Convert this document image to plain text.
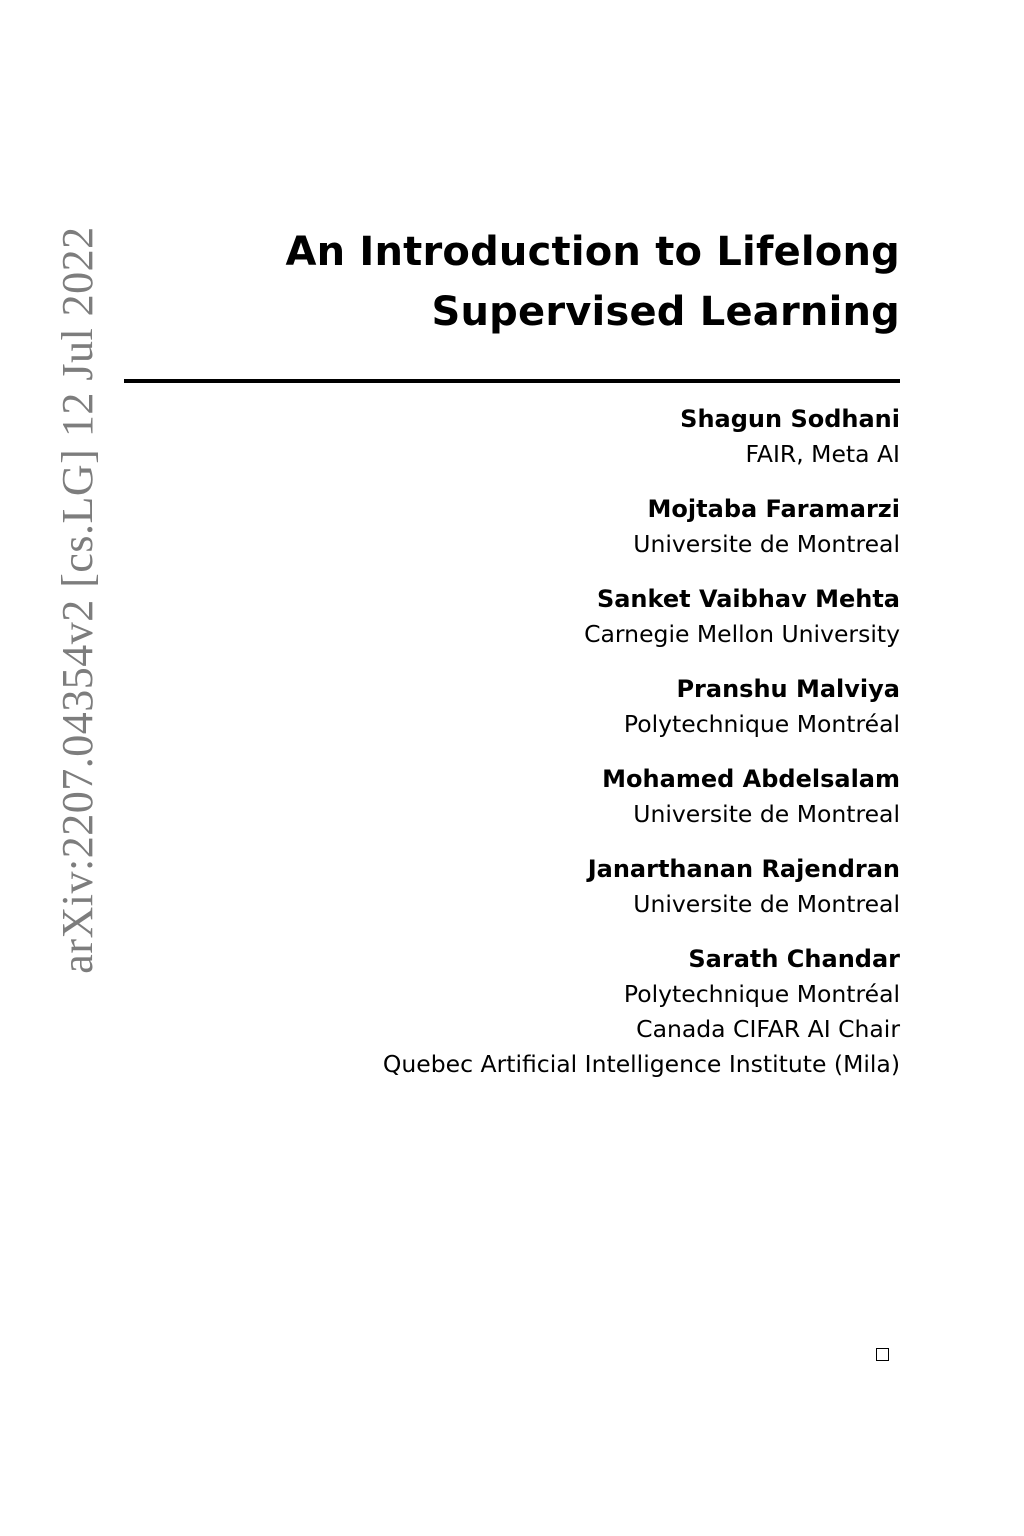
arXiv:2207.04354v2 [cs.LG] 12 Jul 2022	An Introduction to Lifelong
Supervised Learning
Shagun Sodhani
FAIR, Meta AI
Mojtaba Faramarzi
Universite de Montreal
Sanket Vaibhav Mehta
Carnegie Mellon University
Pranshu Malviya
Polytechnique Montréal
Mohamed Abdelsalam
Universite de Montreal
Janarthanan Rajendran
Universite de Montreal
Sarath Chandar
Polytechnique Montréal
Canada CIFAR AI Chair
Quebec Artificial Intelligence Institute (Mila)
